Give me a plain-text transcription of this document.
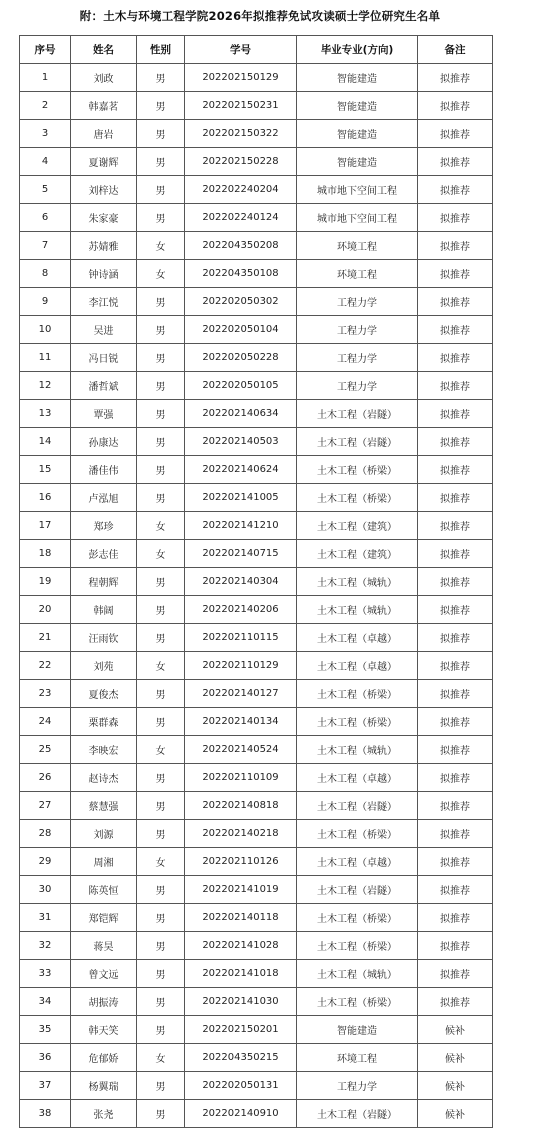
附：土木与环境工程学院2026年拟推荐免试攻读硕士学位研究生名单
序号	姓名	性别	学号	毕业专业(方向)	备注
1	刘政	男	202202150129	智能建造	拟推荐
2	韩嘉茗	男	202202150231	智能建造	拟推荐
3	唐岩	男	202202150322	智能建造	拟推荐
4	夏谢辉	男	202202150228	智能建造	拟推荐
5	刘梓达	男	202202240204	城市地下空间工程	拟推荐
6	朱家豪	男	202202240124	城市地下空间工程	拟推荐
7	苏婧雅	女	202204350208	环境工程	拟推荐
8	钟诗涵	女	202204350108	环境工程	拟推荐
9	李江悦	男	202202050302	工程力学	拟推荐
10	吴进	男	202202050104	工程力学	拟推荐
11	冯日锐	男	202202050228	工程力学	拟推荐
12	潘哲斌	男	202202050105	工程力学	拟推荐
13	覃强	男	202202140634	土木工程（岩隧）	拟推荐
14	孙康达	男	202202140503	土木工程（岩隧）	拟推荐
15	潘佳伟	男	202202140624	土木工程（桥梁）	拟推荐
16	卢泓旭	男	202202141005	土木工程（桥梁）	拟推荐
17	郑珍	女	202202141210	土木工程（建筑）	拟推荐
18	彭志佳	女	202202140715	土木工程（建筑）	拟推荐
19	程朝辉	男	202202140304	土木工程（城轨）	拟推荐
20	韩阔	男	202202140206	土木工程（城轨）	拟推荐
21	汪雨钦	男	202202110115	土木工程（卓越）	拟推荐
22	刘苑	女	202202110129	土木工程（卓越）	拟推荐
23	夏俊杰	男	202202140127	土木工程（桥梁）	拟推荐
24	栗群森	男	202202140134	土木工程（桥梁）	拟推荐
25	李映宏	女	202202140524	土木工程（城轨）	拟推荐
26	赵诗杰	男	202202110109	土木工程（卓越）	拟推荐
27	蔡慧强	男	202202140818	土木工程（岩隧）	拟推荐
28	刘源	男	202202140218	土木工程（桥梁）	拟推荐
29	周湘	女	202202110126	土木工程（卓越）	拟推荐
30	陈英恒	男	202202141019	土木工程（岩隧）	拟推荐
31	郑铠辉	男	202202140118	土木工程（桥梁）	拟推荐
32	蒋昊	男	202202141028	土木工程（桥梁）	拟推荐
33	曾文远	男	202202141018	土木工程（城轨）	拟推荐
34	胡振涛	男	202202141030	土木工程（桥梁）	拟推荐
35	韩天笑	男	202202150201	智能建造	候补
36	危郁娇	女	202204350215	环境工程	候补
37	杨翼瑞	男	202202050131	工程力学	候补
38	张尧	男	202202140910	土木工程（岩隧）	候补
